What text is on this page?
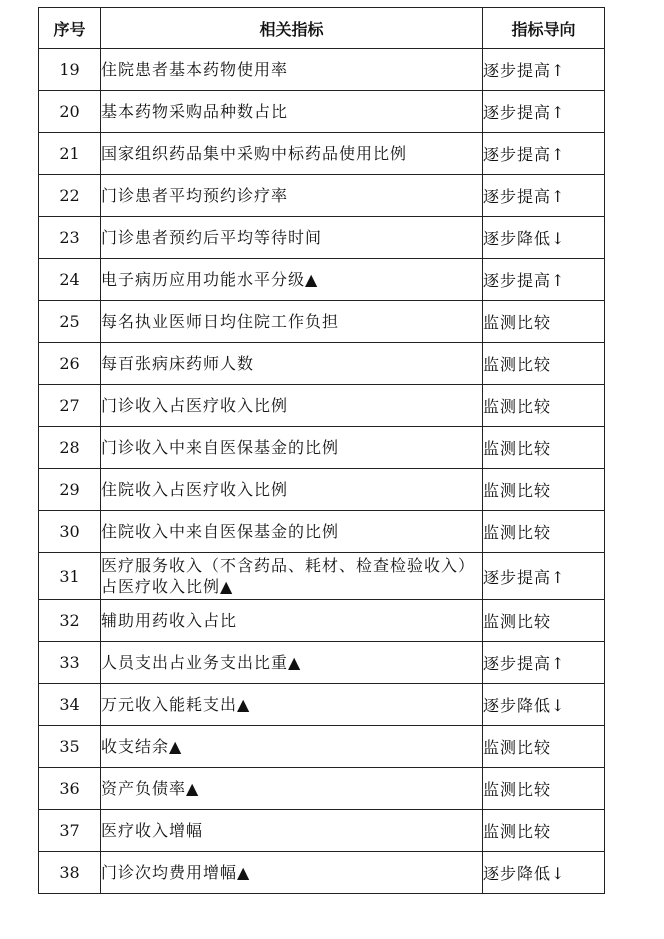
序号	相关指标	指标导向
19	住院患者基本药物使用率	逐步提高↑
20	基本药物采购品种数占比	逐步提高↑
21	国家组织药品集中采购中标药品使用比例	逐步提高↑
22	门诊患者平均预约诊疗率	逐步提高↑
23	门诊患者预约后平均等待时间	逐步降低↓
24	电子病历应用功能水平分级▲	逐步提高↑
25	每名执业医师日均住院工作负担	监测比较
26	每百张病床药师人数	监测比较
27	门诊收入占医疗收入比例	监测比较
28	门诊收入中来自医保基金的比例	监测比较
29	住院收入占医疗收入比例	监测比较
30	住院收入中来自医保基金的比例	监测比较
31	医疗服务收入（不含药品、耗材、检查检验收入）占医疗收入比例▲	逐步提高↑
32	辅助用药收入占比	监测比较
33	人员支出占业务支出比重▲	逐步提高↑
34	万元收入能耗支出▲	逐步降低↓
35	收支结余▲	监测比较
36	资产负债率▲	监测比较
37	医疗收入增幅	监测比较
38	门诊次均费用增幅▲	逐步降低↓
